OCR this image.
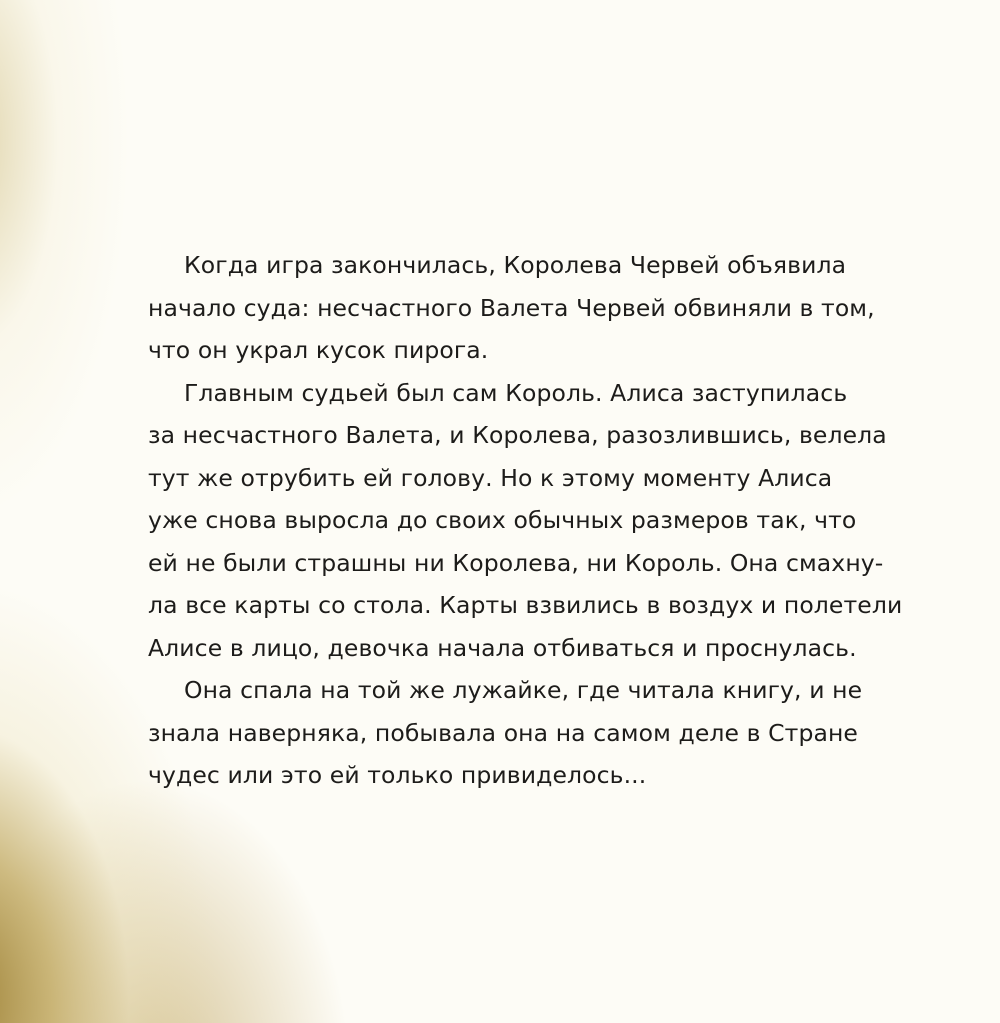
Когда игра закончилась, Королева Червей объявила
начало суда: несчастного Валета Червей обвиняли в том,
что он украл кусок пирога.

Главным судьей был сам Король. Алиса заступилась
за несчастного Валета, и Королева, разозлившись, велела
тут же отрубить ей голову. Но к этому моменту Алиса
уже снова выросла до своих обычных размеров так, что
ей не были страшны ни Королева, ни Король. Она смахну-
ла все карты со стола. Карты взвились в воздух и полетели
Алисе в лицо, девочка начала отбиваться и проснулась.

Она спала на той же лужайке, где читала книгу, и не
знала наверняка, побывала она на самом деле в Стране
чудес или это ей только привиделось...
